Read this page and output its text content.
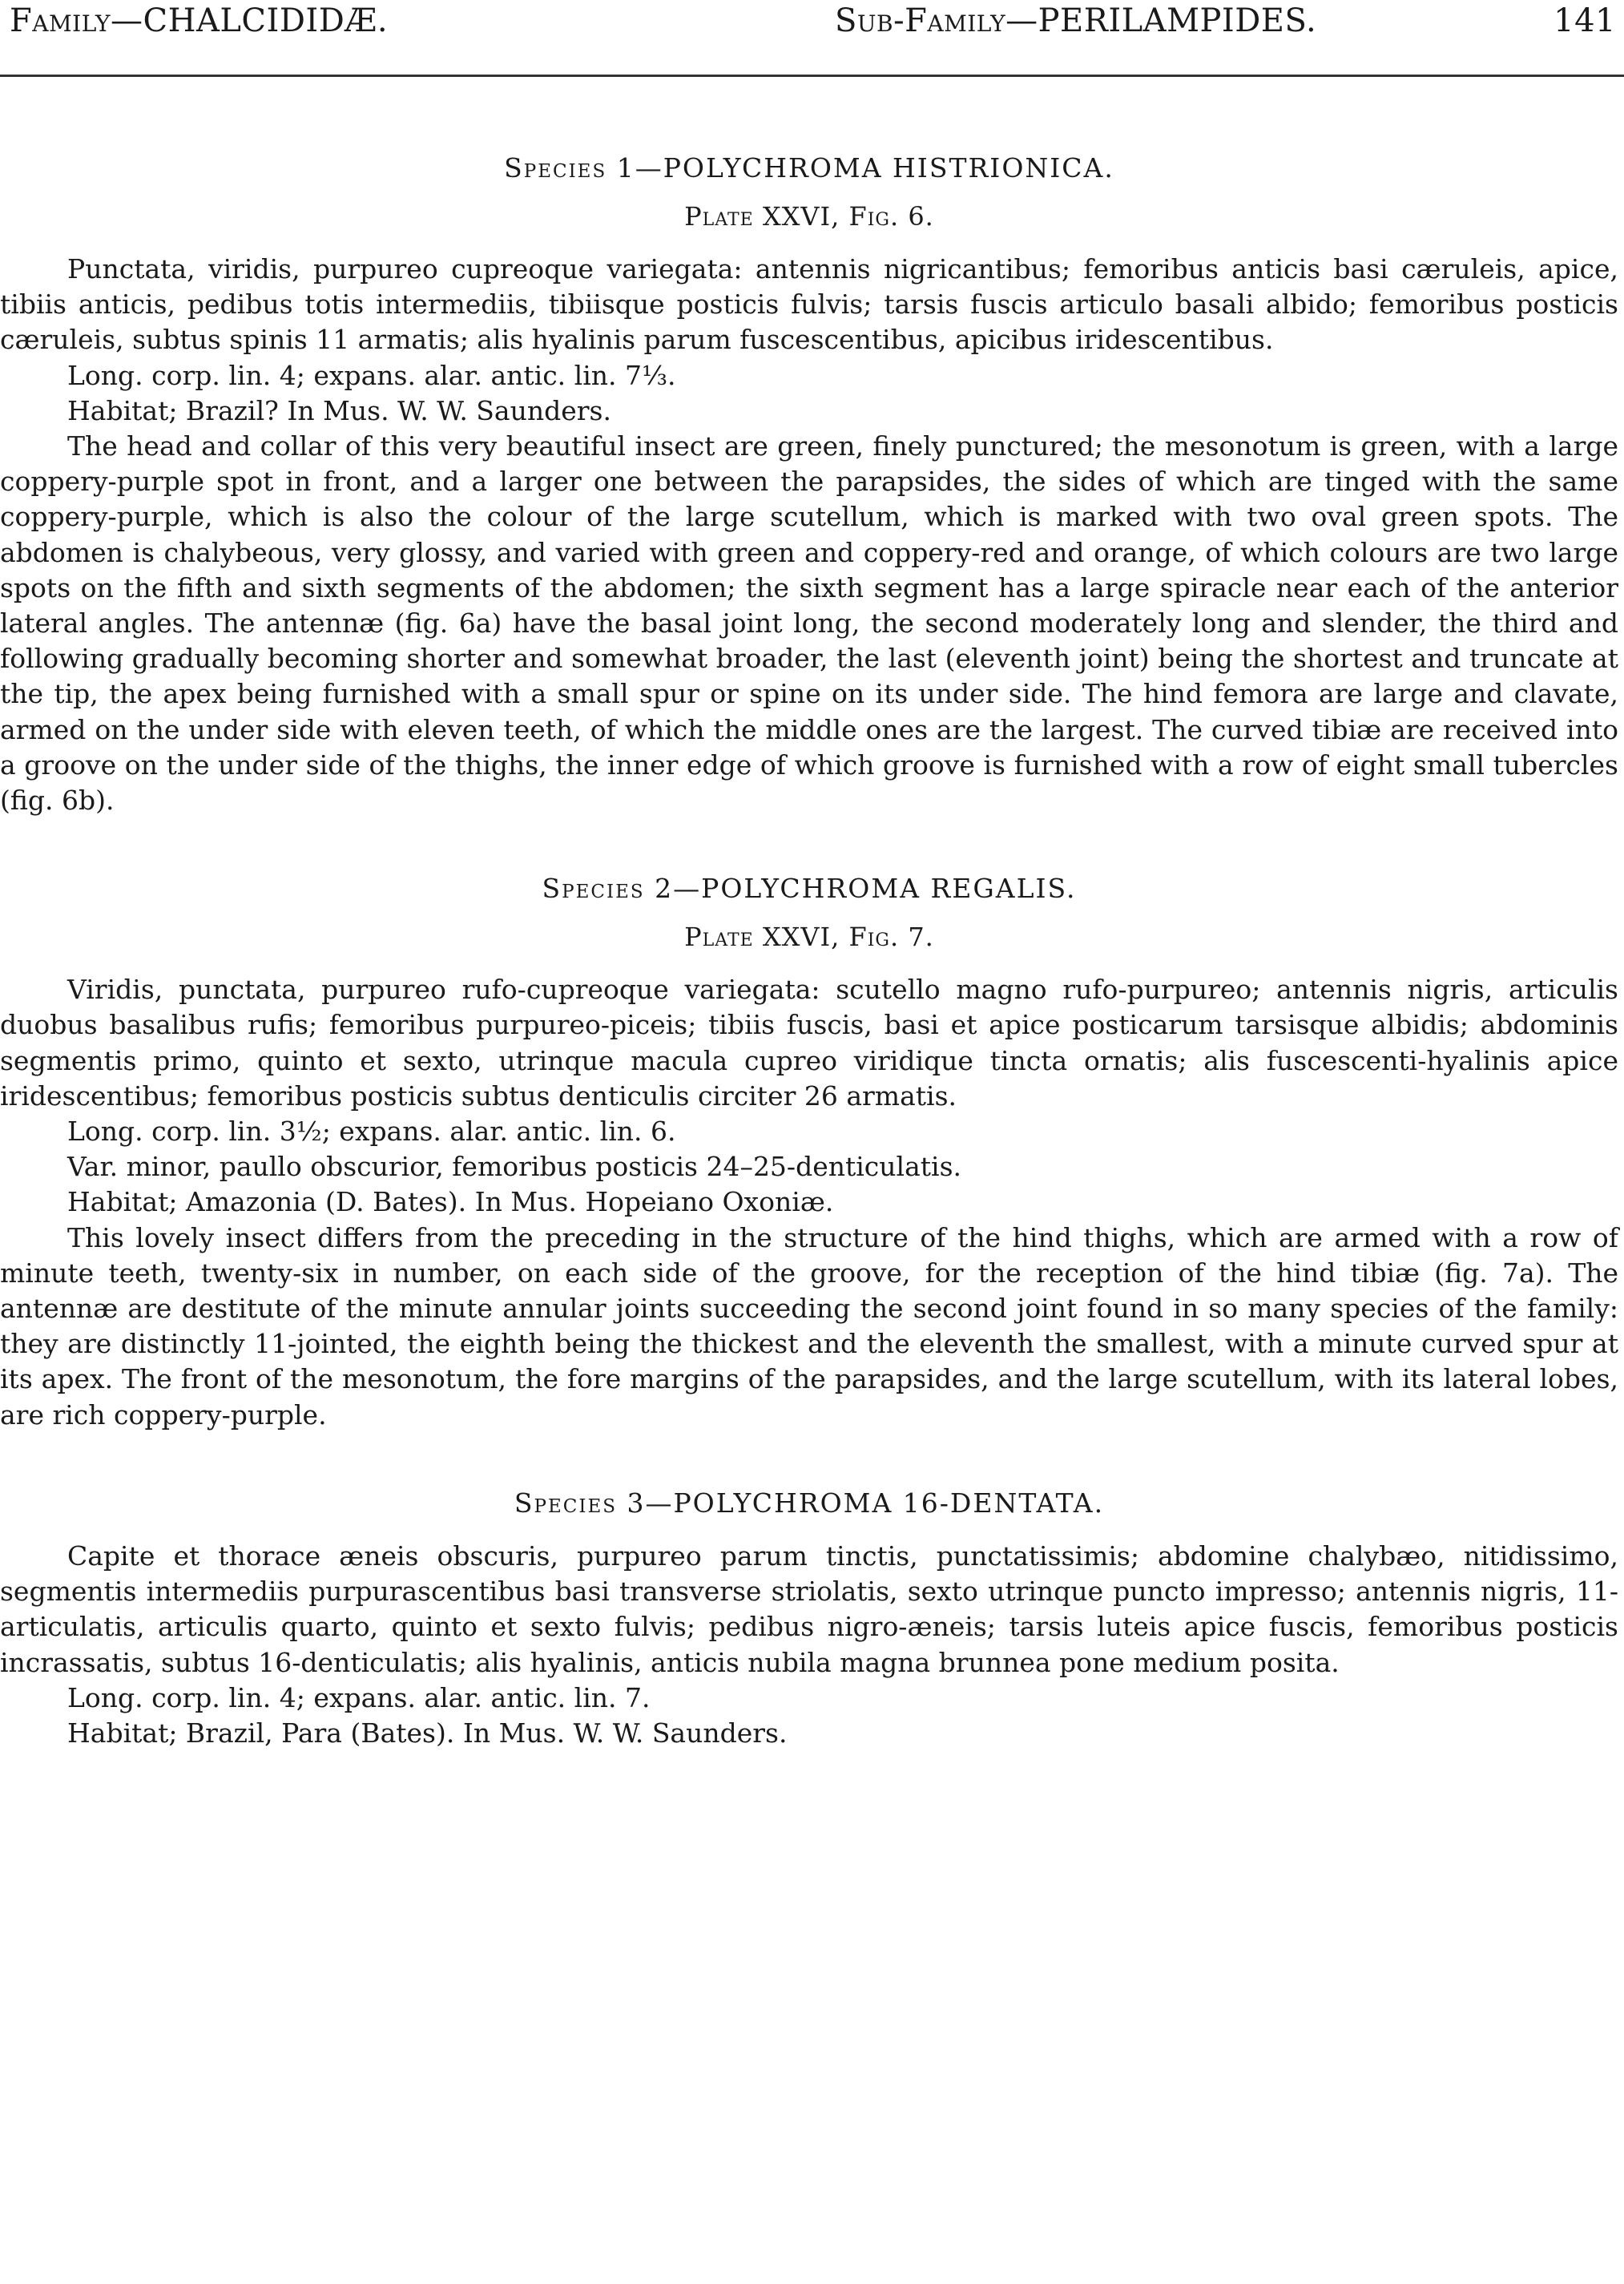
Family—CHALCIDIDÆ.	Sub-Family—PERILAMPIDES.	141

Species 1—POLYCHROMA HISTRIONICA.

Plate XXVI, Fig. 6.

Punctata, viridis, purpureo cupreoque variegata: antennis nigricantibus; femoribus anticis basi cæruleis, apice, tibiis anticis, pedibus totis intermediis, tibiisque posticis fulvis; tarsis fuscis articulo basali albido; femoribus posticis cæruleis, subtus spinis 11 armatis; alis hyalinis parum fuscescentibus, apicibus iridescentibus.

Long. corp. lin. 4; expans. alar. antic. lin. 7⅓.

Habitat; Brazil? In Mus. W. W. Saunders.

The head and collar of this very beautiful insect are green, finely punctured; the mesonotum is green, with a large coppery-purple spot in front, and a larger one between the parapsides, the sides of which are tinged with the same coppery-purple, which is also the colour of the large scutellum, which is marked with two oval green spots. The abdomen is chalybeous, very glossy, and varied with green and coppery-red and orange, of which colours are two large spots on the fifth and sixth segments of the abdomen; the sixth segment has a large spiracle near each of the anterior lateral angles. The antennæ (fig. 6a) have the basal joint long, the second moderately long and slender, the third and following gradually becoming shorter and somewhat broader, the last (eleventh joint) being the shortest and truncate at the tip, the apex being furnished with a small spur or spine on its under side. The hind femora are large and clavate, armed on the under side with eleven teeth, of which the middle ones are the largest. The curved tibiæ are received into a groove on the under side of the thighs, the inner edge of which groove is furnished with a row of eight small tubercles (fig. 6b).

Species 2—POLYCHROMA REGALIS.

Plate XXVI, Fig. 7.

Viridis, punctata, purpureo rufo-cupreoque variegata: scutello magno rufo-purpureo; antennis nigris, articulis duobus basalibus rufis; femoribus purpureo-piceis; tibiis fuscis, basi et apice posticarum tarsisque albidis; abdominis segmentis primo, quinto et sexto, utrinque macula cupreo viridique tincta ornatis; alis fuscescenti-hyalinis apice iridescentibus; femoribus posticis subtus denticulis circiter 26 armatis.

Long. corp. lin. 3½; expans. alar. antic. lin. 6.

Var. minor, paullo obscurior, femoribus posticis 24–25-denticulatis.

Habitat; Amazonia (D. Bates). In Mus. Hopeiano Oxoniæ.

This lovely insect differs from the preceding in the structure of the hind thighs, which are armed with a row of minute teeth, twenty-six in number, on each side of the groove, for the reception of the hind tibiæ (fig. 7a). The antennæ are destitute of the minute annular joints succeeding the second joint found in so many species of the family: they are distinctly 11-jointed, the eighth being the thickest and the eleventh the smallest, with a minute curved spur at its apex. The front of the mesonotum, the fore margins of the parapsides, and the large scutellum, with its lateral lobes, are rich coppery-purple.

Species 3—POLYCHROMA 16-DENTATA.

Capite et thorace æneis obscuris, purpureo parum tinctis, punctatissimis; abdomine chalybæo, nitidissimo, segmentis intermediis purpurascentibus basi transverse striolatis, sexto utrinque puncto impresso; antennis nigris, 11-articulatis, articulis quarto, quinto et sexto fulvis; pedibus nigro-æneis; tarsis luteis apice fuscis, femoribus posticis incrassatis, subtus 16-denticulatis; alis hyalinis, anticis nubila magna brunnea pone medium posita.

Long. corp. lin. 4; expans. alar. antic. lin. 7.

Habitat; Brazil, Para (Bates). In Mus. W. W. Saunders.
